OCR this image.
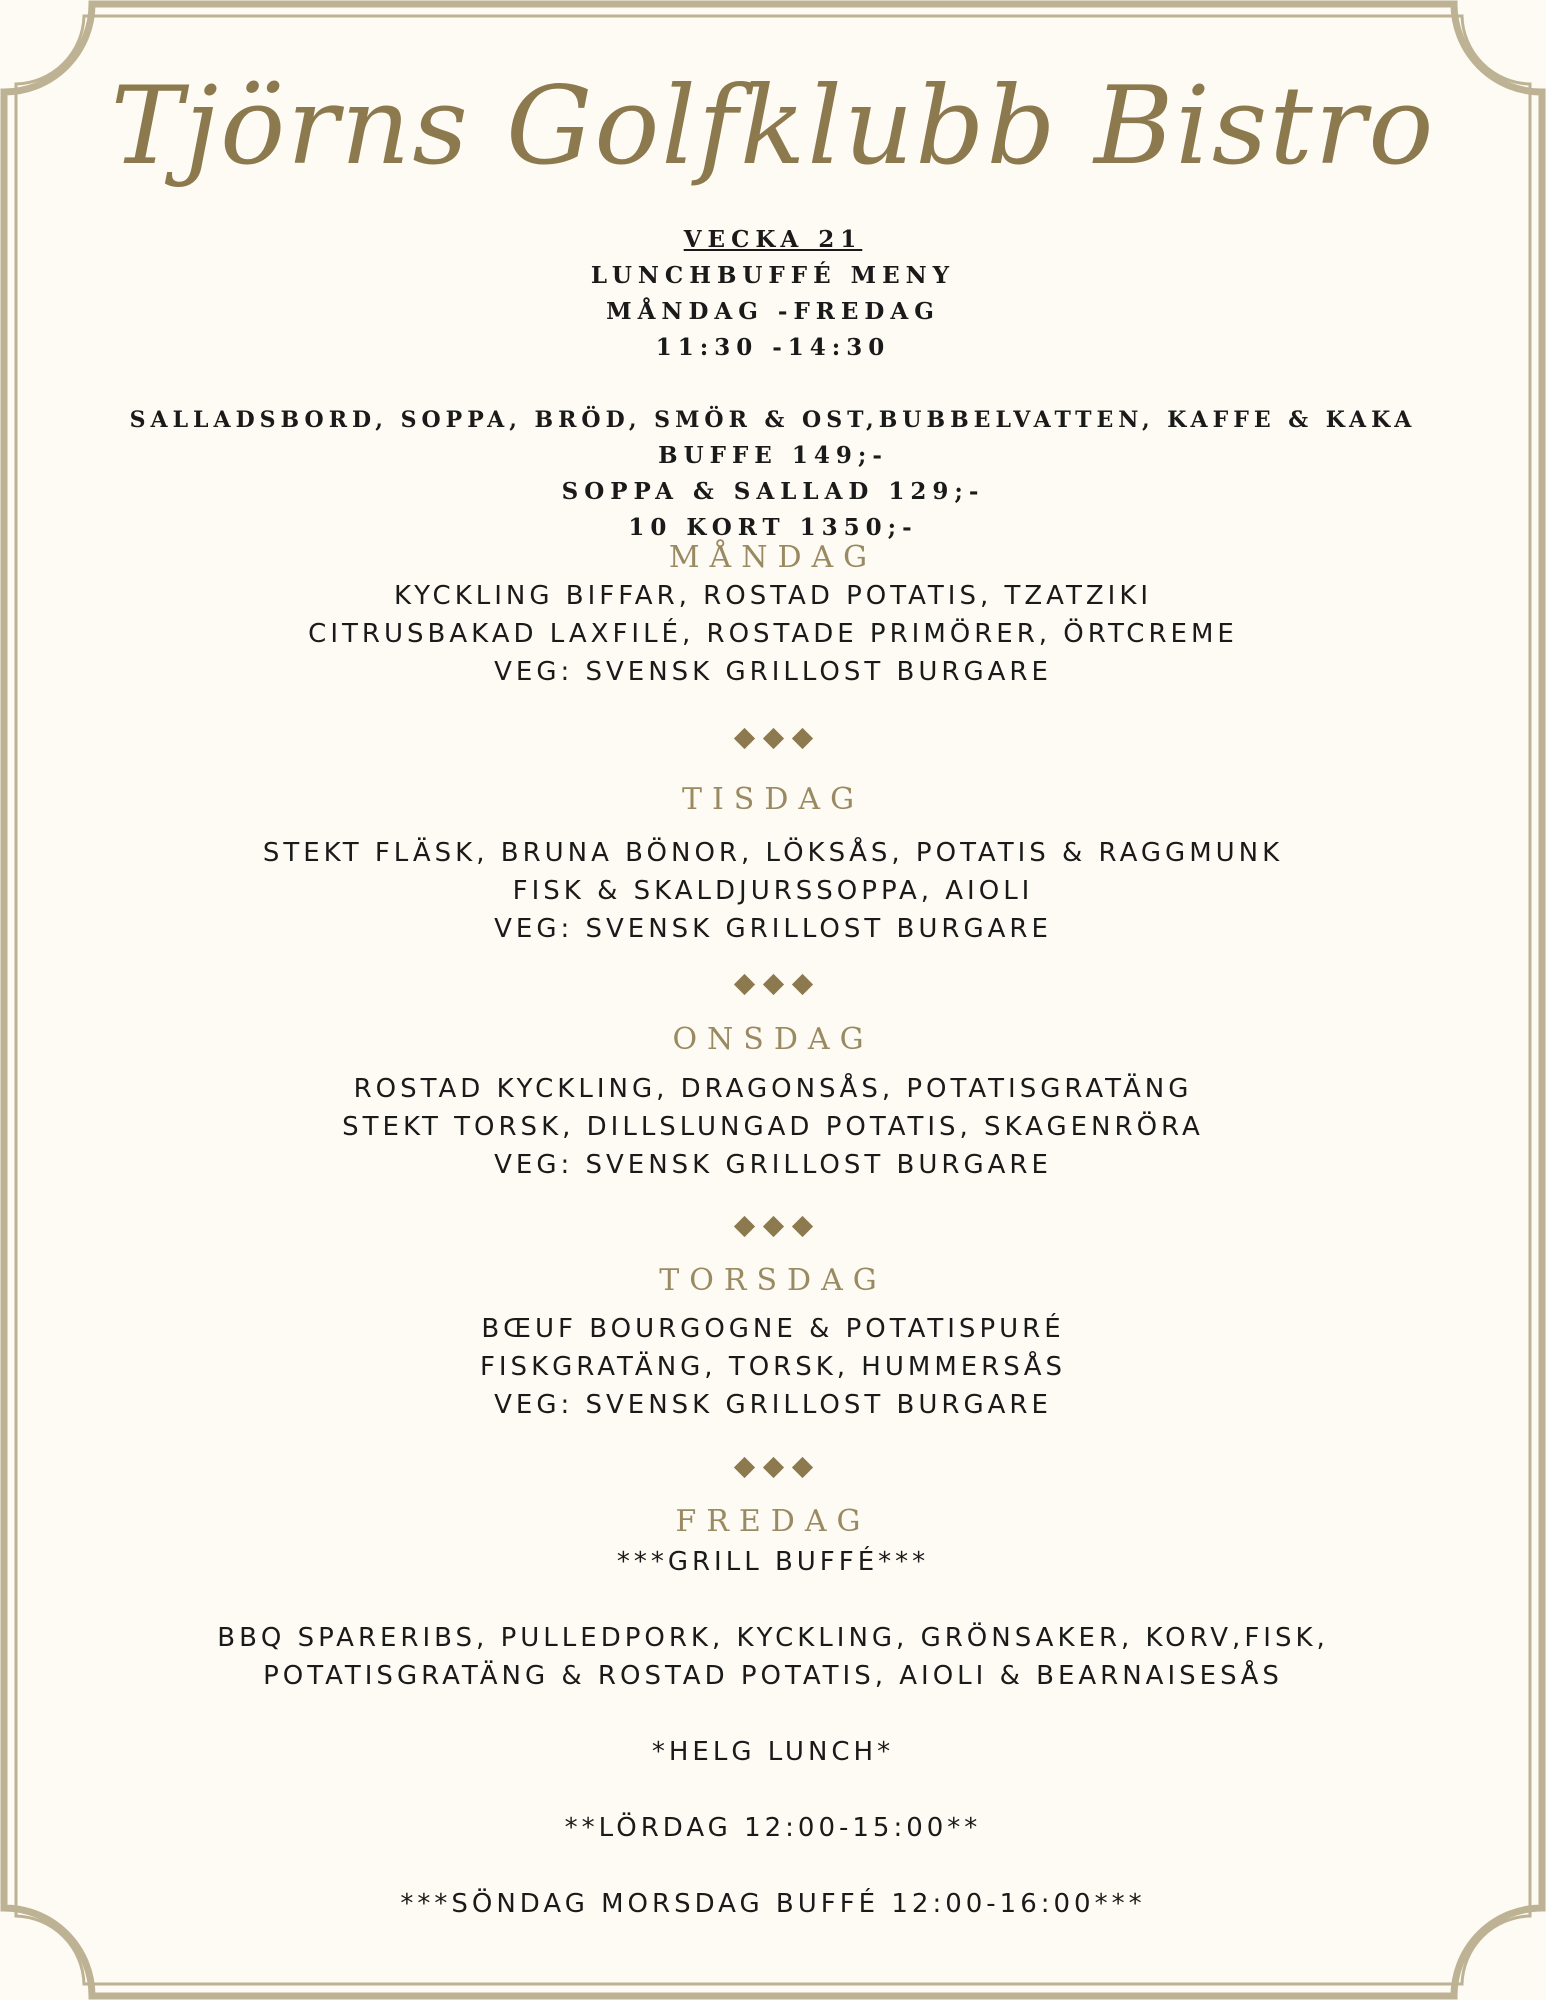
Tjörns Golfklubb Bistro
VECKA 21
LUNCHBUFFÉ MENY
MÅNDAG -FREDAG
11:30 -14:30
SALLADSBORD, SOPPA, BRÖD, SMÖR & OST,BUBBELVATTEN, KAFFE & KAKA
BUFFE 149;-
SOPPA & SALLAD 129;-
10 KORT 1350;-
MÅNDAG
KYCKLING BIFFAR, ROSTAD POTATIS, TZATZIKI
CITRUSBAKAD LAXFILÉ, ROSTADE PRIMÖRER, ÖRTCREME
VEG: SVENSK GRILLOST BURGARE
TISDAG
STEKT FLÄSK, BRUNA BÖNOR, LÖKSÅS, POTATIS & RAGGMUNK
FISK & SKALDJURSSOPPA, AIOLI
VEG: SVENSK GRILLOST BURGARE
ONSDAG
ROSTAD KYCKLING, DRAGONSÅS, POTATISGRATÄNG
STEKT TORSK, DILLSLUNGAD POTATIS, SKAGENRÖRA
VEG: SVENSK GRILLOST BURGARE
TORSDAG
BŒUF BOURGOGNE & POTATISPURÉ
FISKGRATÄNG, TORSK, HUMMERSÅS
VEG: SVENSK GRILLOST BURGARE
FREDAG
***GRILL BUFFÉ***
BBQ SPARERIBS, PULLEDPORK, KYCKLING, GRÖNSAKER, KORV,FISK,
POTATISGRATÄNG & ROSTAD POTATIS, AIOLI & BEARNAISESÅS
*HELG LUNCH*
**LÖRDAG 12:00-15:00**
***SÖNDAG MORSDAG BUFFÉ 12:00-16:00***
